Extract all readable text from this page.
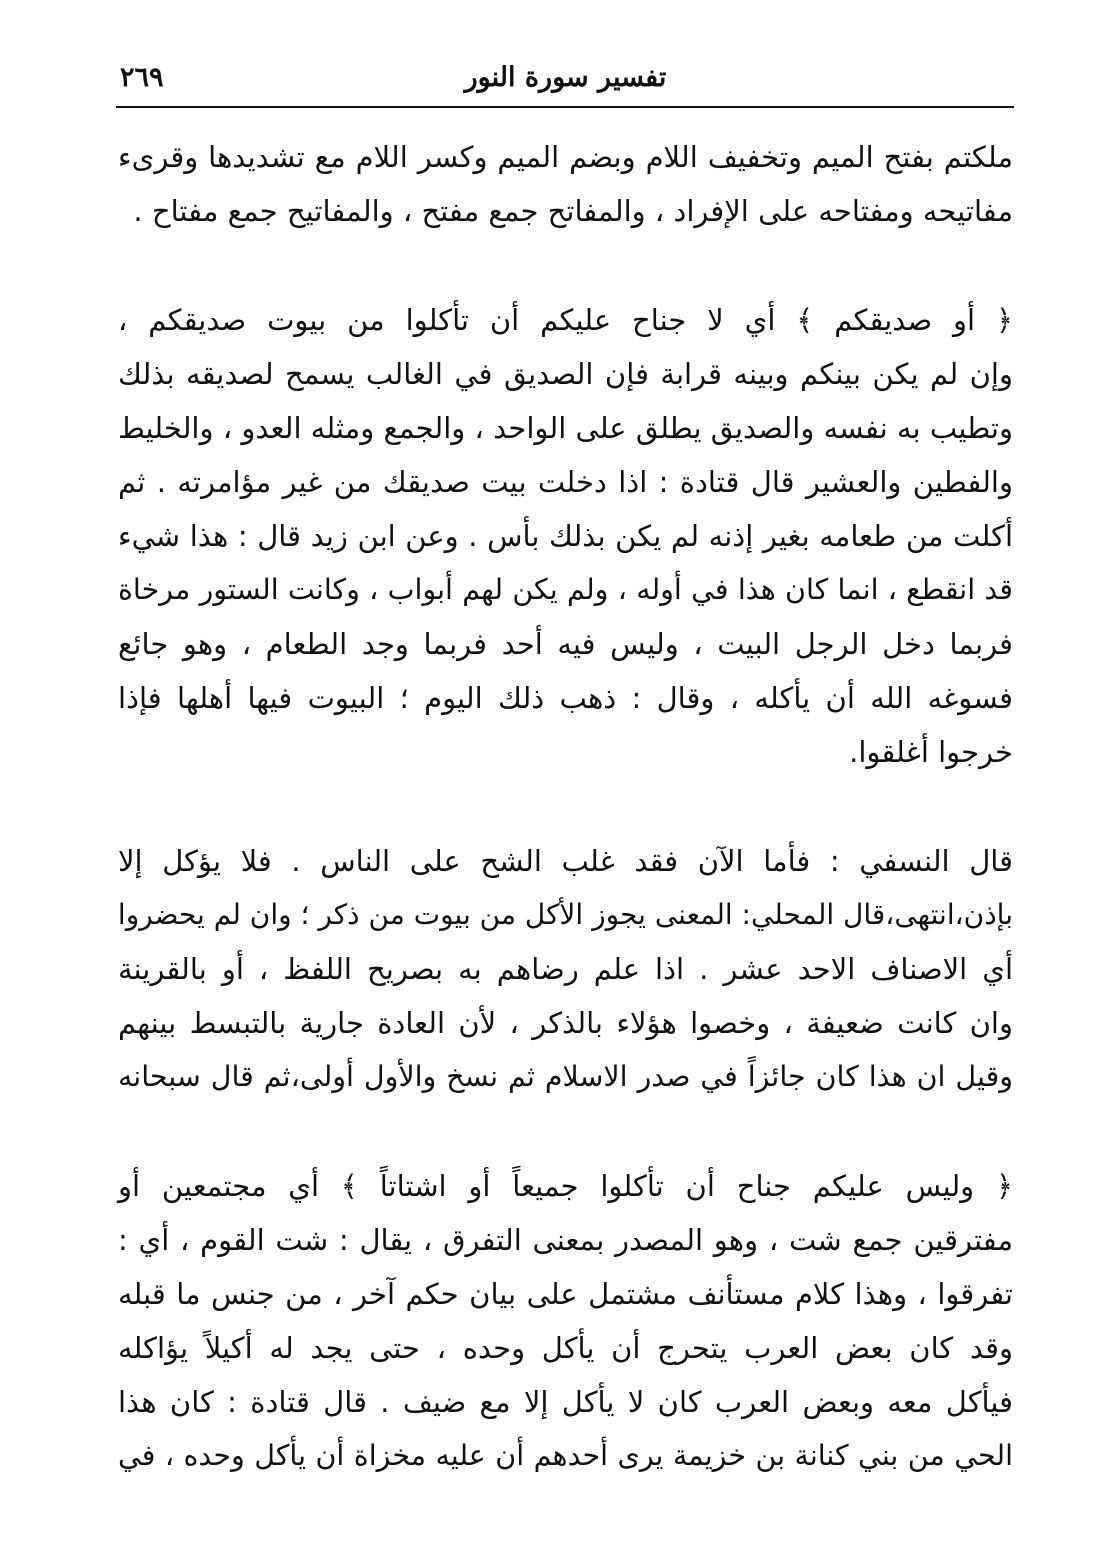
تفسير سورة النور
٢٦٩
ملكتم بفتح الميم وتخفيف اللام وبضم الميم وكسر اللام مع تشديدها وقرىء
مفاتيحه ومفتاحه على الإفراد ، والمفاتح جمع مفتح ، والمفاتيح جمع مفتاح .
﴿ أو صديقكم ﴾ أي لا جناح عليكم أن تأكلوا من بيوت صديقكم ،
وإن لم يكن بينكم وبينه قرابة فإن الصديق في الغالب يسمح لصديقه بذلك
وتطيب به نفسه والصديق يطلق على الواحد ، والجمع ومثله العدو ، والخليط
والفطين والعشير قال قتادة : اذا دخلت بيت صديقك من غير مؤامرته . ثم
أكلت من طعامه بغير إذنه لم يكن بذلك بأس . وعن ابن زيد قال : هذا شيء
قد انقطع ، انما كان هذا في أوله ، ولم يكن لهم أبواب ، وكانت الستور مرخاة
فربما دخل الرجل البيت ، وليس فيه أحد فربما وجد الطعام ، وهو جائع
فسوغه الله أن يأكله ، وقال : ذهب ذلك اليوم ؛ البيوت فيها أهلها فإذا
خرجوا أغلقوا.
قال النسفي : فأما الآن فقد غلب الشح على الناس . فلا يؤكل إلا
بإذن،انتهى،قال المحلي: المعنى يجوز الأكل من بيوت من ذكر ؛ وان لم يحضروا
أي الاصناف الاحد عشر . اذا علم رضاهم به بصريح اللفظ ، أو بالقرينة
وان كانت ضعيفة ، وخصوا هؤلاء بالذكر ، لأن العادة جارية بالتبسط بينهم
وقيل ان هذا كان جائزاً في صدر الاسلام ثم نسخ والأول أولى،ثم قال سبحانه
﴿ وليس عليكم جناح أن تأكلوا جميعاً أو اشتاتاً ﴾ أي مجتمعين أو
مفترقين جمع شت ، وهو المصدر بمعنى التفرق ، يقال : شت القوم ، أي :
تفرقوا ، وهذا كلام مستأنف مشتمل على بيان حكم آخر ، من جنس ما قبله
وقد كان بعض العرب يتحرج أن يأكل وحده ، حتى يجد له أكيلاً يؤاكله
فيأكل معه وبعض العرب كان لا يأكل إلا مع ضيف . قال قتادة : كان هذا
الحي من بني كنانة بن خزيمة يرى أحدهم أن عليه مخزاة أن يأكل وحده ، في
